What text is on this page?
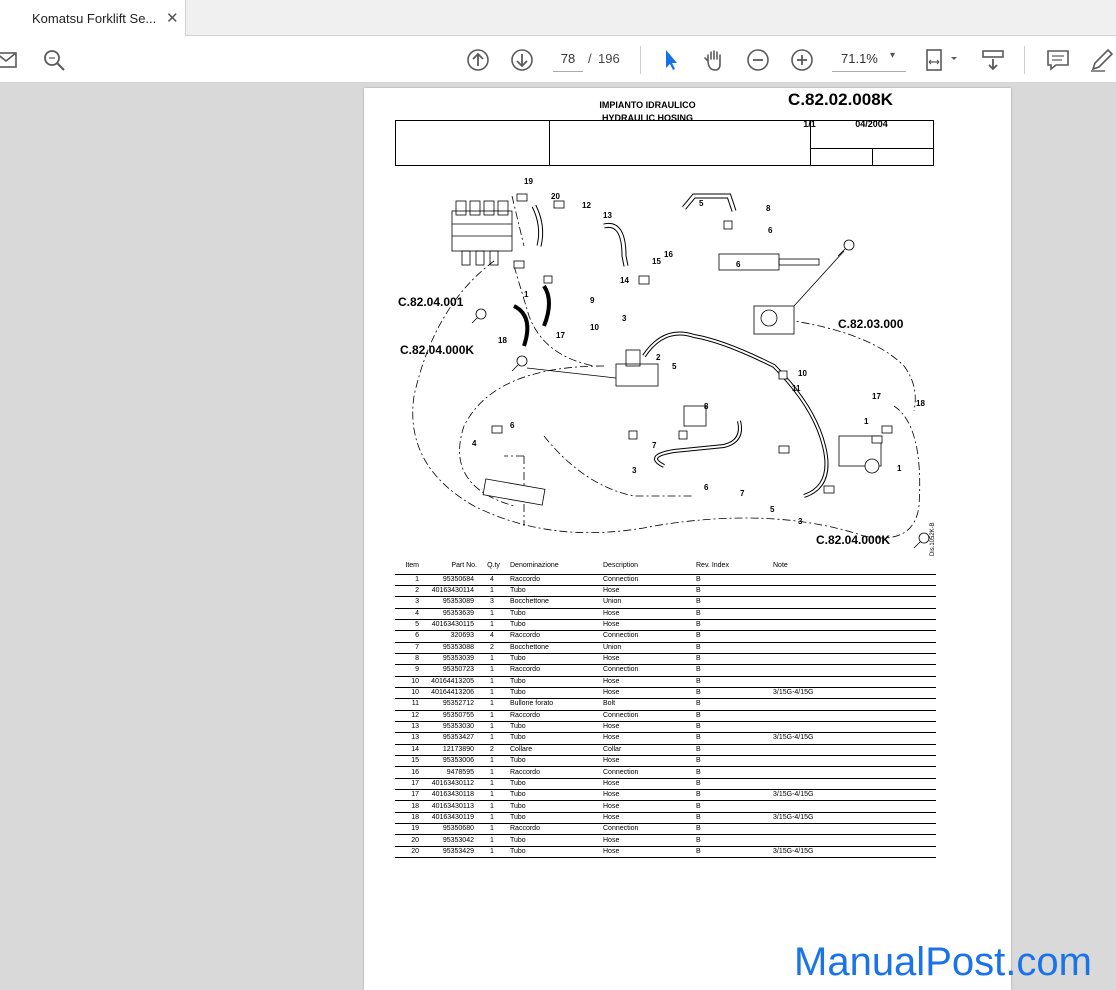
Komatsu Forklift Se... ✕
78
/ 196	71.1% ▾
IMPIANTO IDRAULICO
HYDRAULIC HOSING
C.82.02.008K
1/1	04/2004
19
20
12
13
5
8
6
15
16
14
6
1
9
3
17
10
18
2
5
10
11
4
6
8
7
3
17
18
1
1
7
6
5
3
C.82.03.000
C.82.04.001
C.82.04.000K
C.82.04.000K	Dis.1052K-B
Item	Part No.	Q.ty	Denominazione	Description	Rev. Index	Note
1	95350684	4	Raccordo	Connection	B	
2	40163430114	1	Tubo	Hose	B	
3	95353089	3	Bocchettone	Union	B	
4	95353639	1	Tubo	Hose	B	
5	40163430115	1	Tubo	Hose	B	
6	320693	4	Raccordo	Connection	B	
7	95353088	2	Bocchettone	Union	B	
8	95353039	1	Tubo	Hose	B	
9	95350723	1	Raccordo	Connection	B	
10	40164413205	1	Tubo	Hose	B	
10	40164413206	1	Tubo	Hose	B	3/15G-4/15G
11	95352712	1	Bullone forato	Bolt	B	
12	95350755	1	Raccordo	Connection	B	
13	95353030	1	Tubo	Hose	B	
13	95353427	1	Tubo	Hose	B	3/15G-4/15G
14	12173890	2	Collare	Collar	B	
15	95353006	1	Tubo	Hose	B	
16	9478595	1	Raccordo	Connection	B	
17	40163430112	1	Tubo	Hose	B	
17	40163430118	1	Tubo	Hose	B	3/15G-4/15G
18	40163430113	1	Tubo	Hose	B	
18	40163430119	1	Tubo	Hose	B	3/15G-4/15G
19	95350680	1	Raccordo	Connection	B	
20	95353042	1	Tubo	Hose	B	
20	95353429	1	Tubo	Hose	B	3/15G-4/15G
ManualPost.com
